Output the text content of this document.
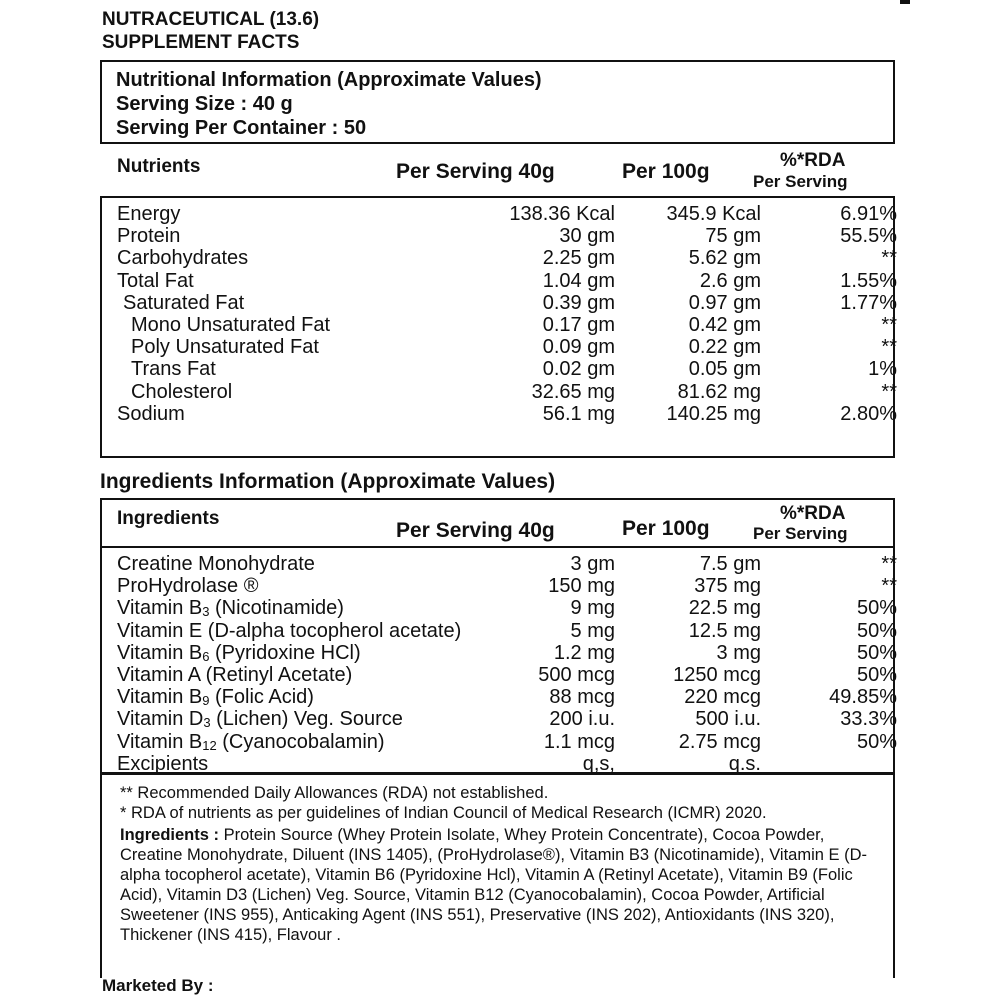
NUTRACEUTICAL (13.6)
SUPPLEMENT FACTS
Nutritional Information (Approximate Values)
Serving Size : 40 g
Serving Per Container : 50
Nutrients	Per Serving 40g	Per 100g	%*RDA
Per Serving
Energy	138.36 Kcal	345.9 Kcal	6.91%
Protein	30 gm	75 gm	55.5%
Carbohydrates	2.25 gm	5.62 gm	**
Total Fat	1.04 gm	2.6 gm	1.55%
Saturated Fat	0.39 gm	0.97 gm	1.77%
Mono Unsaturated Fat	0.17 gm	0.42 gm	**
Poly Unsaturated Fat	0.09 gm	0.22 gm	**
Trans Fat	0.02 gm	0.05 gm	1%
Cholesterol	32.65 mg	81.62 mg	**
Sodium	56.1 mg	140.25 mg	2.80%
Ingredients Information (Approximate Values)
Ingredients
Per Serving 40g	Per 100g
%*RDA
Per Serving
Creatine Monohydrate	3 gm	7.5 gm	**
ProHydrolase ®	150 mg	375 mg	**
Vitamin $B_3$ (Nicotinamide)	9 mg	22.5 mg	50%
Vitamin E (D-alpha tocopherol acetate)	5 mg	12.5 mg	50%
Vitamin $B_6$ (Pyridoxine HCl)	1.2 mg	3 mg	50%
Vitamin A (Retinyl Acetate)	500 mcg	1250 mcg	50%
Vitamin $B_9$ (Folic Acid)	88 mcg	220 mcg	49.85%
Vitamin $D_3$ (Lichen) Veg. Source	200 i.u.	500 i.u.	33.3%
Vitamin $B_{12}$ (Cyanocobalamin)	1.1 mcg	2.75 mcg	50%
Excipients	q,s,	q.s.
** Recommended Daily Allowances (RDA) not established.
* RDA of nutrients as per guidelines of Indian Council of Medical Research (ICMR) 2020.
Ingredients : Protein Source (Whey Protein Isolate, Whey Protein Concentrate), Cocoa Powder, Creatine Monohydrate, Diluent (INS 1405), (ProHydrolase®), Vitamin B3 (Nicotinamide), Vitamin E (D-alpha tocopherol acetate), Vitamin B6 (Pyridoxine Hcl), Vitamin A (Retinyl Acetate), Vitamin B9 (Folic Acid), Vitamin D3 (Lichen) Veg. Source, Vitamin B12 (Cyanocobalamin), Cocoa Powder, Artificial Sweetener (INS 955), Anticaking Agent (INS 551), Preservative (INS 202), Antioxidants (INS 320), Thickener (INS 415), Flavour .
Marketed By :
